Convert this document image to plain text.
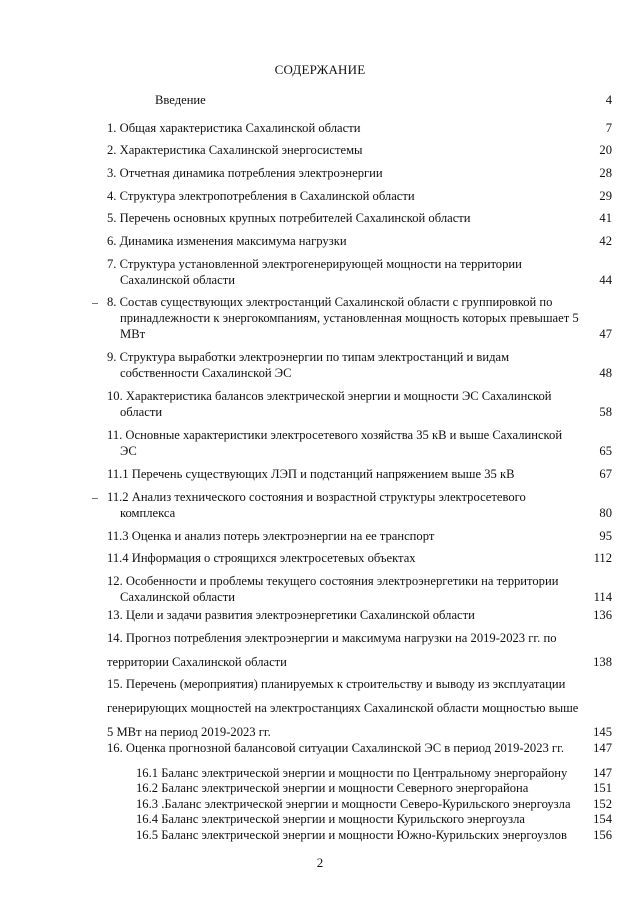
СОДЕРЖАНИЕ
Введение	4
1. Общая характеристика Сахалинской области	7
2. Характеристика Сахалинской энергосистемы	20
3. Отчетная динамика потребления электроэнергии	28
4. Структура электропотребления в Сахалинской области	29
5. Перечень основных крупных потребителей Сахалинской области	41
6. Динамика изменения максимума нагрузки	42
7. Структура установленной электрогенерирующей мощности на территории
Сахалинской области	44
8. Состав существующих электростанций Сахалинской области с группировкой по
принадлежности к энергокомпаниям, установленная мощность которых превышает 5
МВт	47
9. Структура выработки электроэнергии по типам электростанций и видам
собственности Сахалинской ЭС	48
10. Характеристика балансов электрической энергии и мощности ЭС Сахалинской
области	58
11. Основные характеристики электросетевого хозяйства 35 кВ и выше Сахалинской
ЭС	65
11.1 Перечень существующих ЛЭП и подстанций напряжением выше 35 кВ	67
11.2 Анализ технического состояния и возрастной структуры электросетевого
комплекса	80
11.3 Оценка и анализ потерь электроэнергии на ее транспорт	95
11.4 Информация о строящихся электросетевых объектах	112
12. Особенности и проблемы текущего состояния электроэнергетики на территории
Сахалинской области	114
13. Цели и задачи развития электроэнергетики Сахалинской области	136
14. Прогноз потребления электроэнергии и максимума нагрузки на 2019-2023 гг. по
территории Сахалинской области	138
15. Перечень (мероприятия) планируемых к строительству и выводу из эксплуатации
генерирующих мощностей на электростанциях Сахалинской области мощностью выше
5 МВт на период 2019-2023 гг.	145
16. Оценка прогнозной балансовой ситуации Сахалинской ЭС в период 2019-2023 гг. 147
16.1 Баланс электрической энергии и мощности по Центральному энергорайону 147
16.2 Баланс электрической энергии и мощности Северного энергорайона	151
16.3 .Баланс электрической энергии и мощности Северо-Курильского энергоузла 152
16.4 Баланс электрической энергии и мощности Курильского энергоузла	154
16.5 Баланс электрической энергии и мощности Южно-Курильских энергоузлов 156
2
